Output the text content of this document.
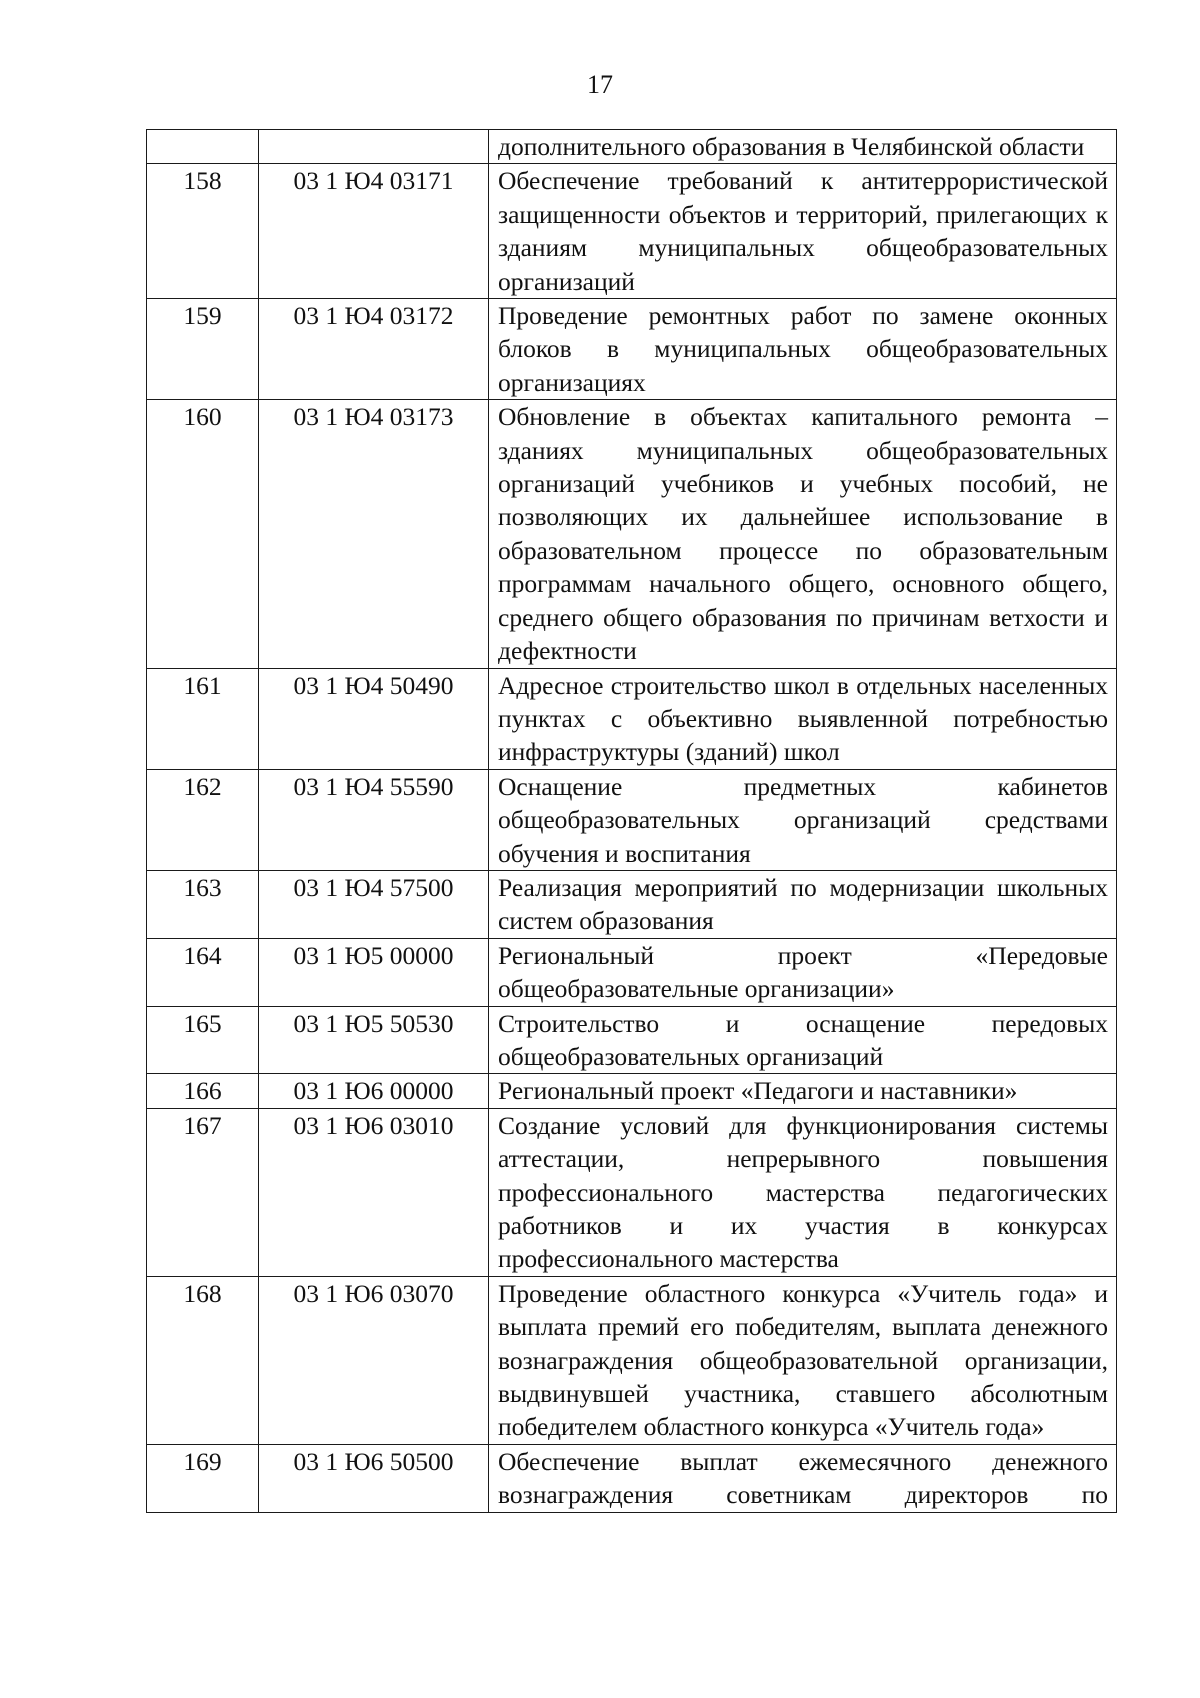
17
		дополнительного образования в Челябинской области
158	03 1 Ю4 03171	Обеспечение требований к антитеррористической защищенности объектов и территорий, прилегающих к зданиям муниципальных общеобразовательных организаций
159	03 1 Ю4 03172	Проведение ремонтных работ по замене оконных блоков в муниципальных общеобразовательных организациях
160	03 1 Ю4 03173	Обновление в объектах капитального ремонта – зданиях муниципальных общеобразовательных организаций учебников и учебных пособий, не позволяющих их дальнейшее использование в образовательном процессе по образовательным программам начального общего, основного общего, среднего общего образования по причинам ветхости и дефектности
161	03 1 Ю4 50490	Адресное строительство школ в отдельных населенных пунктах с объективно выявленной потребностью инфраструктуры (зданий) школ
162	03 1 Ю4 55590	Оснащение предметных кабинетов общеобразовательных организаций средствами обучения и воспитания
163	03 1 Ю4 57500	Реализация мероприятий по модернизации школьных систем образования
164	03 1 Ю5 00000	Региональный проект «Передовые общеобразовательные организации»
165	03 1 Ю5 50530	Строительство и оснащение передовых общеобразовательных организаций
166	03 1 Ю6 00000	Региональный проект «Педагоги и наставники»
167	03 1 Ю6 03010	Создание условий для функционирования системы аттестации, непрерывного повышения профессионального мастерства педагогических работников и их участия в конкурсах профессионального мастерства
168	03 1 Ю6 03070	Проведение областного конкурса «Учитель года» и выплата премий его победителям, выплата денежного вознаграждения общеобразовательной организации, выдвинувшей участника, ставшего абсолютным победителем областного конкурса «Учитель года»
169	03 1 Ю6 50500	Обеспечение выплат ежемесячного денежного вознаграждения советникам директоров по
